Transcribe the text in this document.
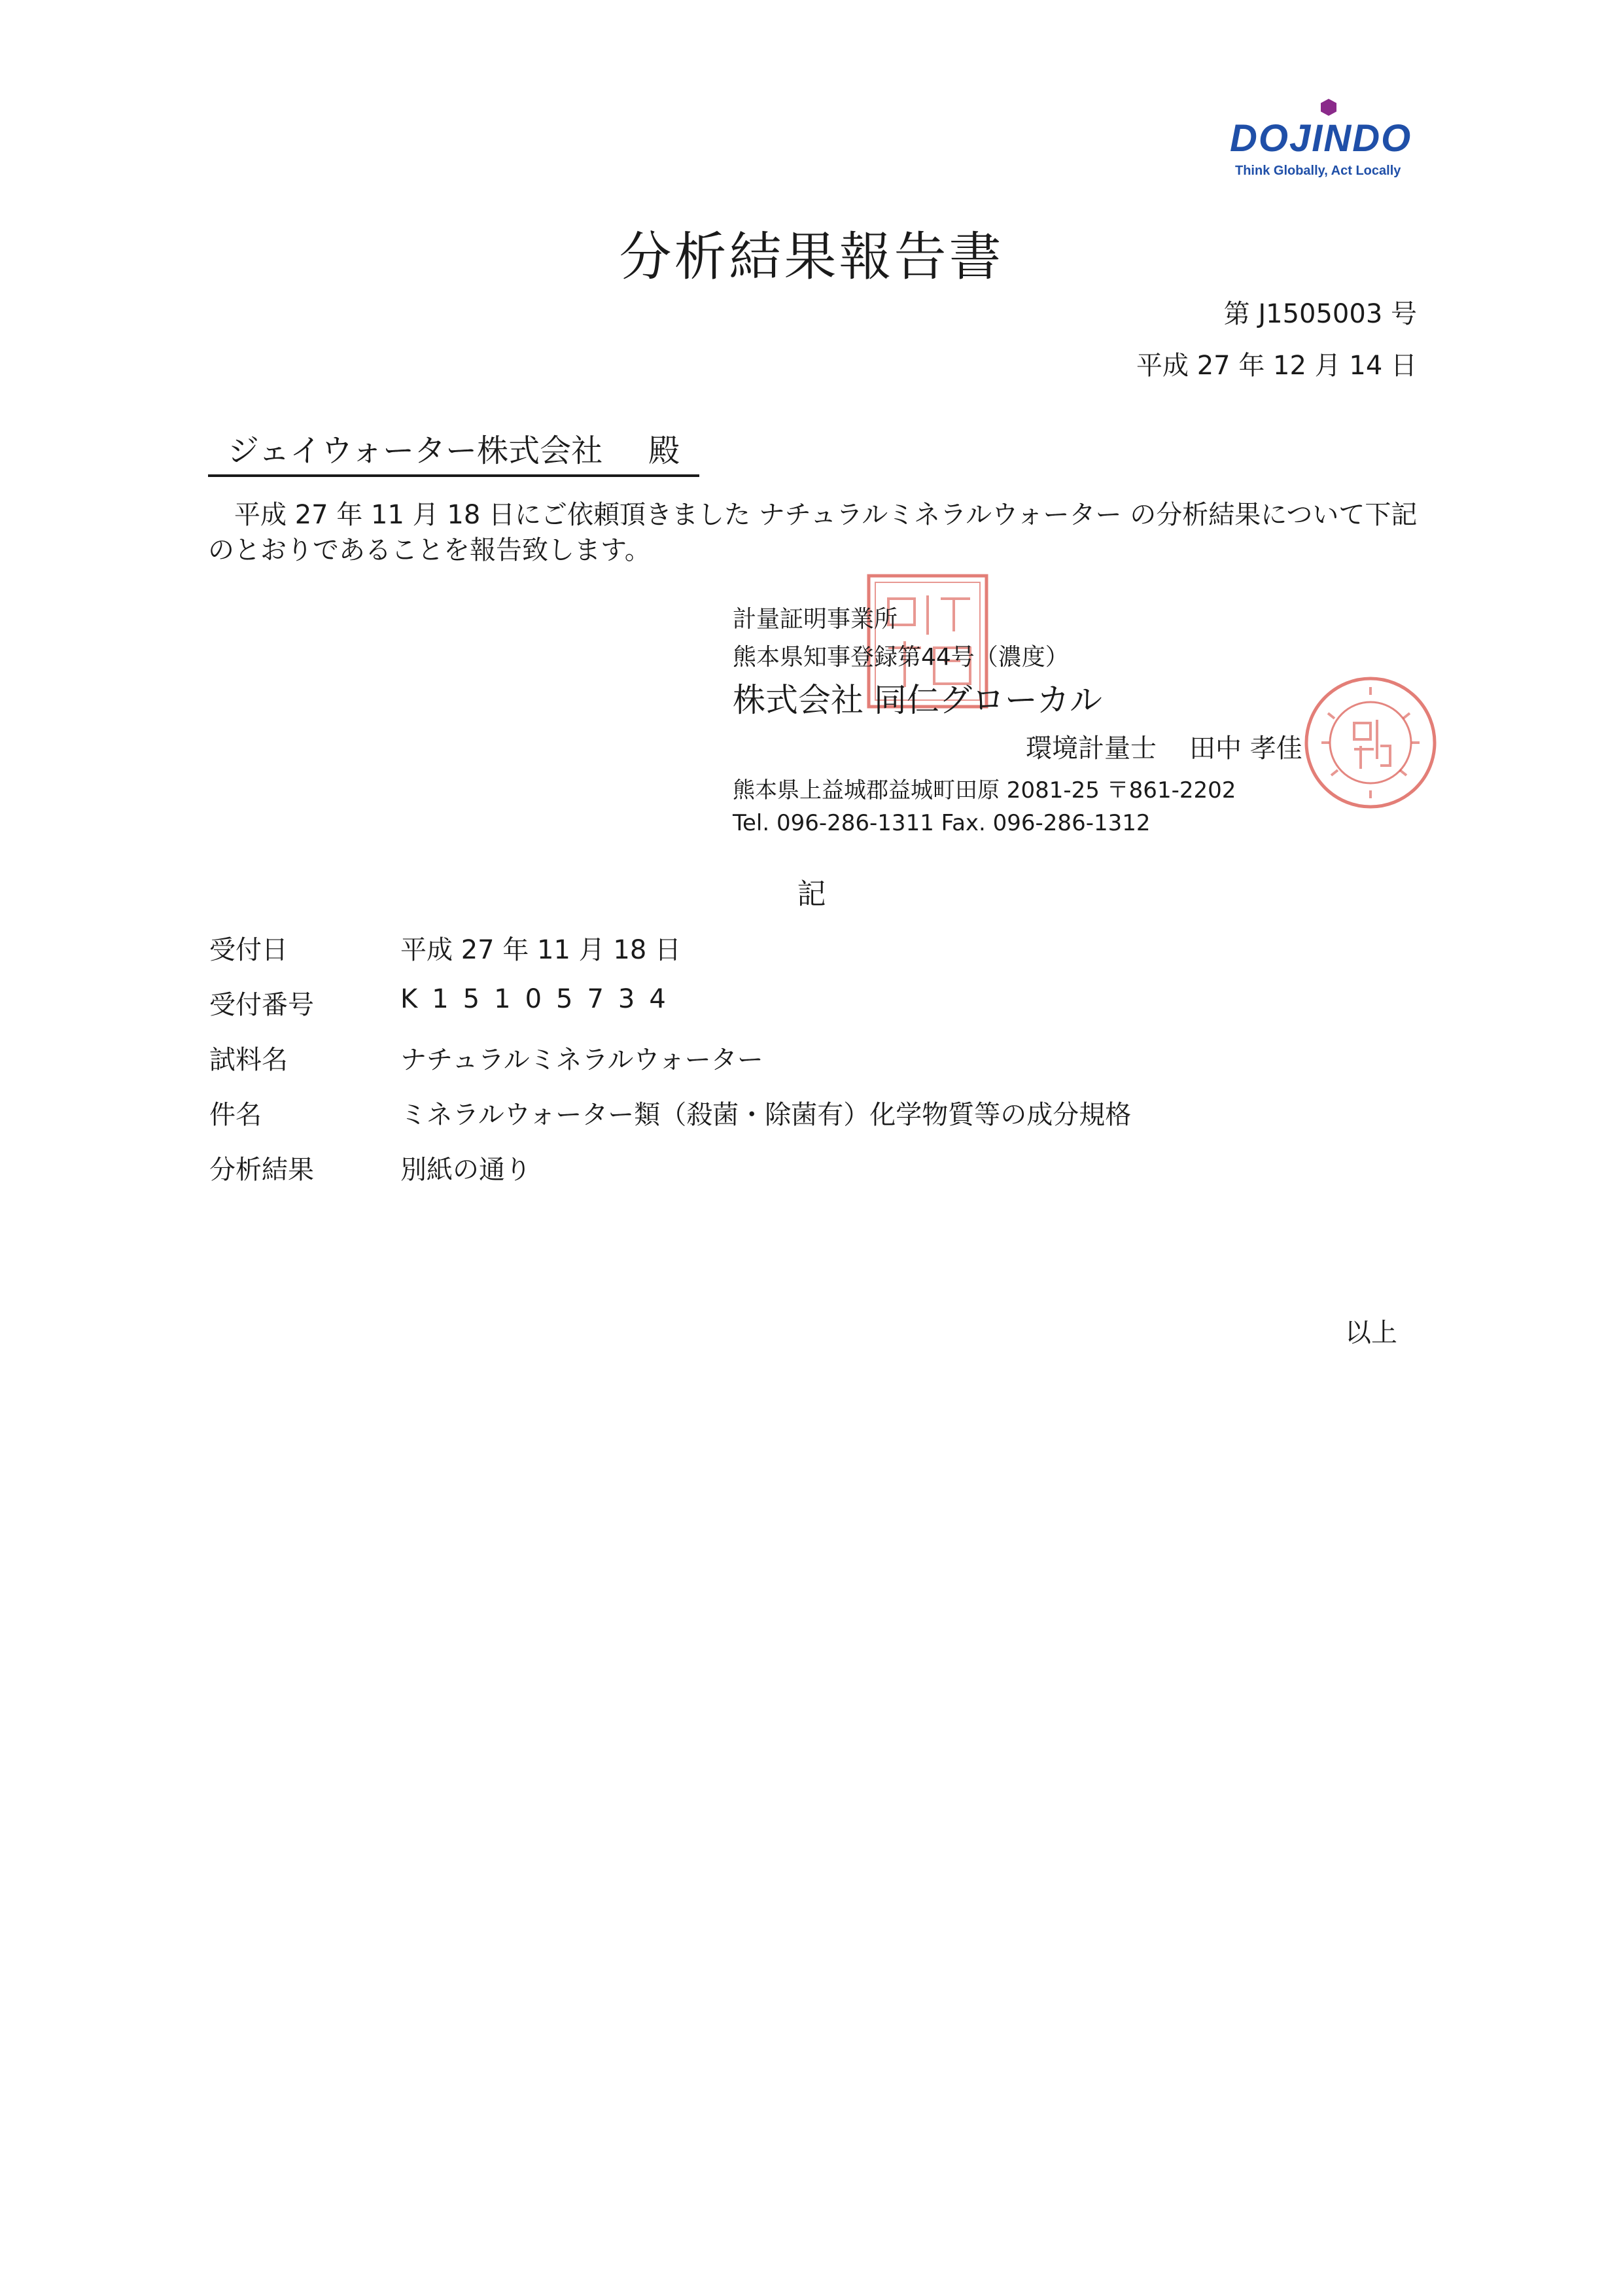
DOJINDO
Think Globally, Act Locally
分析結果報告書
第 J1505003 号
平成 27 年 12 月 14 日
ジェイウォーター株式会社 殿
平成 27 年 11 月 18 日にご依頼頂きました ナチュラルミネラルウォーター の分析結果について下記のとおりであることを報告致します。
計量証明事業所
熊本県知事登録第44号（濃度）
株式会社 同仁グローカル
環境計量士 田中 孝佳
熊本県上益城郡益城町田原 2081-25 〒861-2202
Tel. 096-286-1311 Fax. 096-286-1312
記
受付日	平成 27 年 11 月 18 日
受付番号	K15105734
試料名	ナチュラルミネラルウォーター
件名	ミネラルウォーター類（殺菌・除菌有）化学物質等の成分規格
分析結果	別紙の通り
以上
